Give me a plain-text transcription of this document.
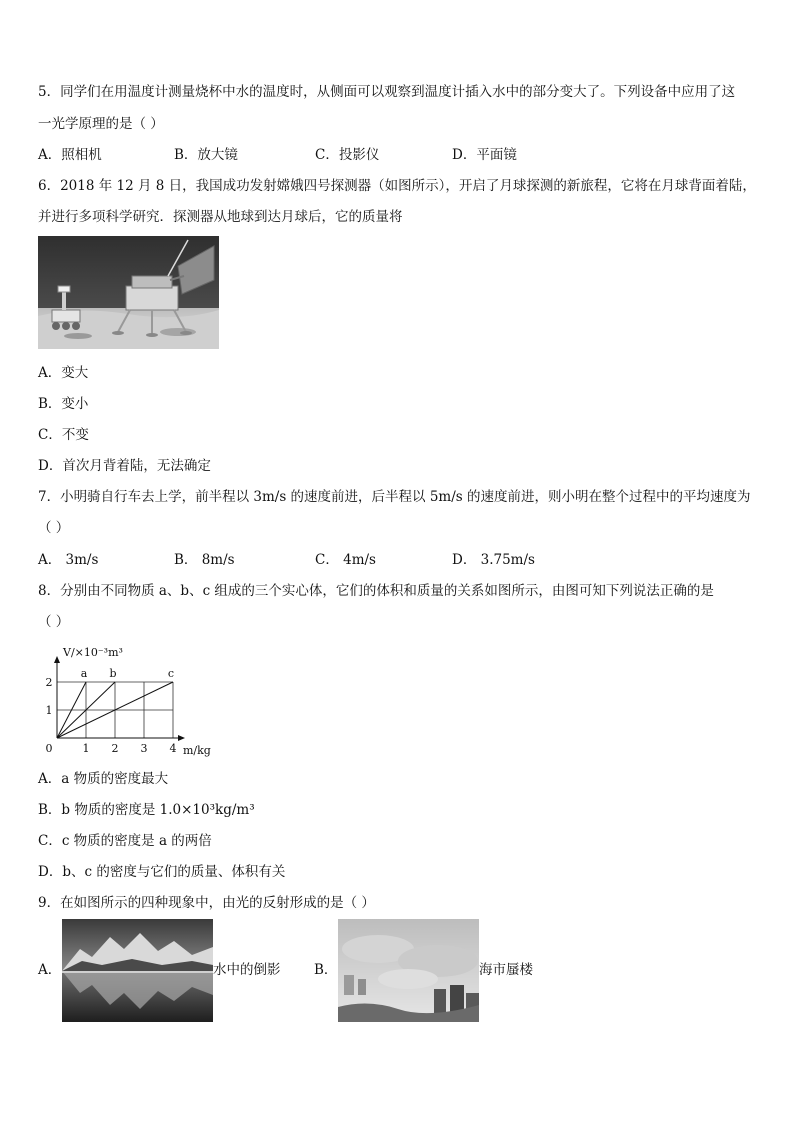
5．同学们在用温度计测量烧杯中水的温度时，从侧面可以观察到温度计插入水中的部分变大了。下列设备中应用了这
一光学原理的是（ ）
A．照相机	B．放大镜	C．投影仪	D．平面镜
6．2018 年 12 月 8 日，我国成功发射嫦娥四号探测器（如图所示），开启了月球探测的新旅程，它将在月球背面着陆，
并进行多项科学研究．探测器从地球到达月球后，它的质量将
A．变大
B．变小
C．不变
D．首次月背着陆，无法确定
7．小明骑自行车去上学，前半程以 3m/s 的速度前进，后半程以 5m/s 的速度前进，则小明在整个过程中的平均速度为
（ ）
A． 3m/s	B． 8m/s	C． 4m/s	D． 3.75m/s
8．分别由不同物质 a、b、c 组成的三个实心体，它们的体积和质量的关系如图所示，由图可知下列说法正确的是
（ ）
a b	c
1 2 3 4
1
2
0
V/×10⁻³m³
m/kg
A．a 物质的密度最大
B．b 物质的密度是 1.0×10³kg/m³
C．c 物质的密度是 a 的两倍
D．b、c 的密度与它们的质量、体积有关
9．在如图所示的四种现象中，由光的反射形成的是（ ）
A．	水中的倒影 B．	海市蜃楼
